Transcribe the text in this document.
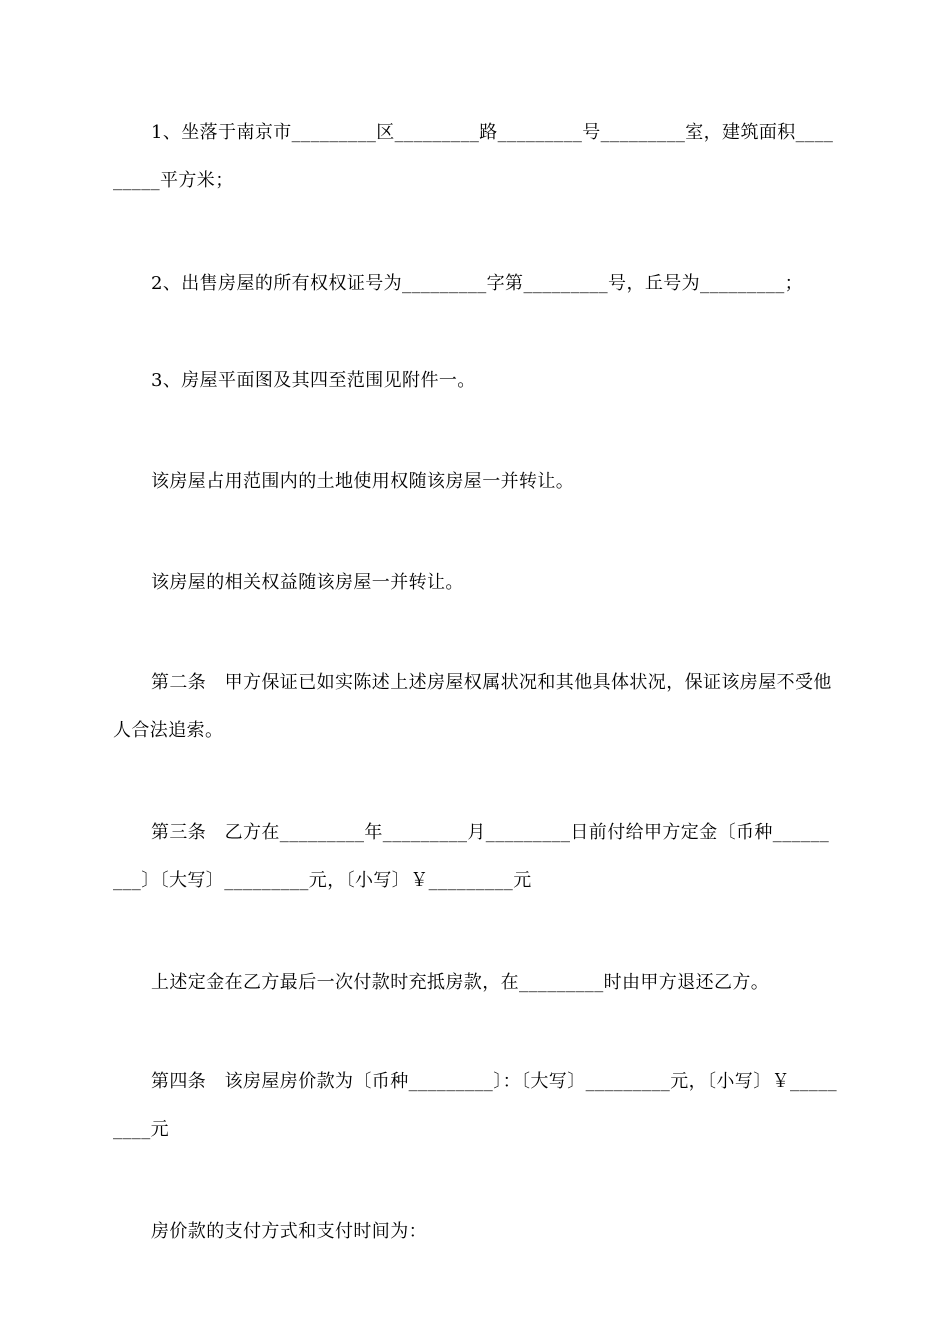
1、坐落于南京市_________区_________路_________号_________室，建筑面积_________平方米；

2、出售房屋的所有权权证号为_________字第_________号，丘号为_________；

3、房屋平面图及其四至范围见附件一。

该房屋占用范围内的土地使用权随该房屋一并转让。

该房屋的相关权益随该房屋一并转让。

第二条　甲方保证已如实陈述上述房屋权属状况和其他具体状况，保证该房屋不受他人合法追索。

第三条　乙方在_________年_________月_________日前付给甲方定金〔币种_________〕〔大写〕_________元，〔小写〕￥_________元

上述定金在乙方最后一次付款时充抵房款，在_________时由甲方退还乙方。

第四条　该房屋房价款为〔币种_________〕：〔大写〕_________元，〔小写〕￥_________元

房价款的支付方式和支付时间为：
